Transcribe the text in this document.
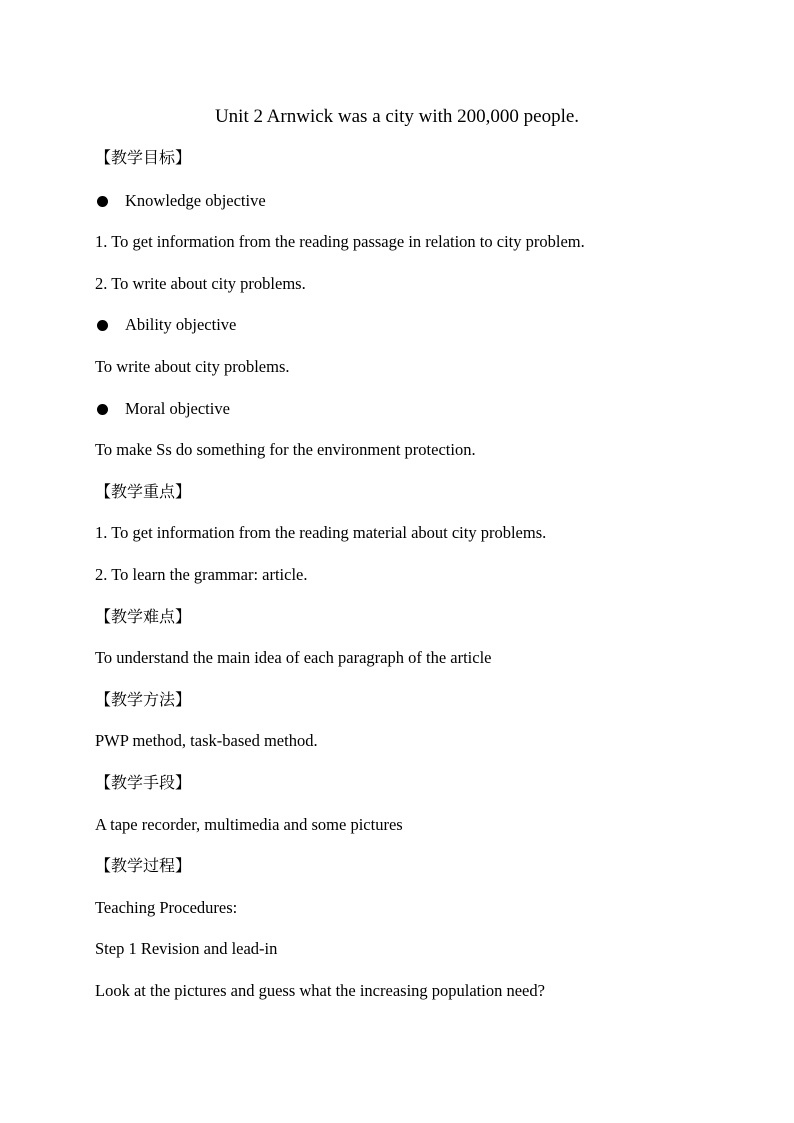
Unit 2 Arnwick was a city with 200,000 people.
【教学目标】
Knowledge objective
1. To get information from the reading passage in relation to city problem.
2. To write about city problems.
Ability objective
To write about city problems.
Moral objective
To make Ss do something for the environment protection.
【教学重点】
1. To get information from the reading material about city problems.
2. To learn the grammar: article.
【教学难点】
To understand the main idea of each paragraph of the article
【教学方法】
PWP method, task-based method.
【教学手段】
A tape recorder, multimedia and some pictures
【教学过程】
Teaching Procedures:
Step 1 Revision and lead-in
Look at the pictures and guess what the increasing population need?
